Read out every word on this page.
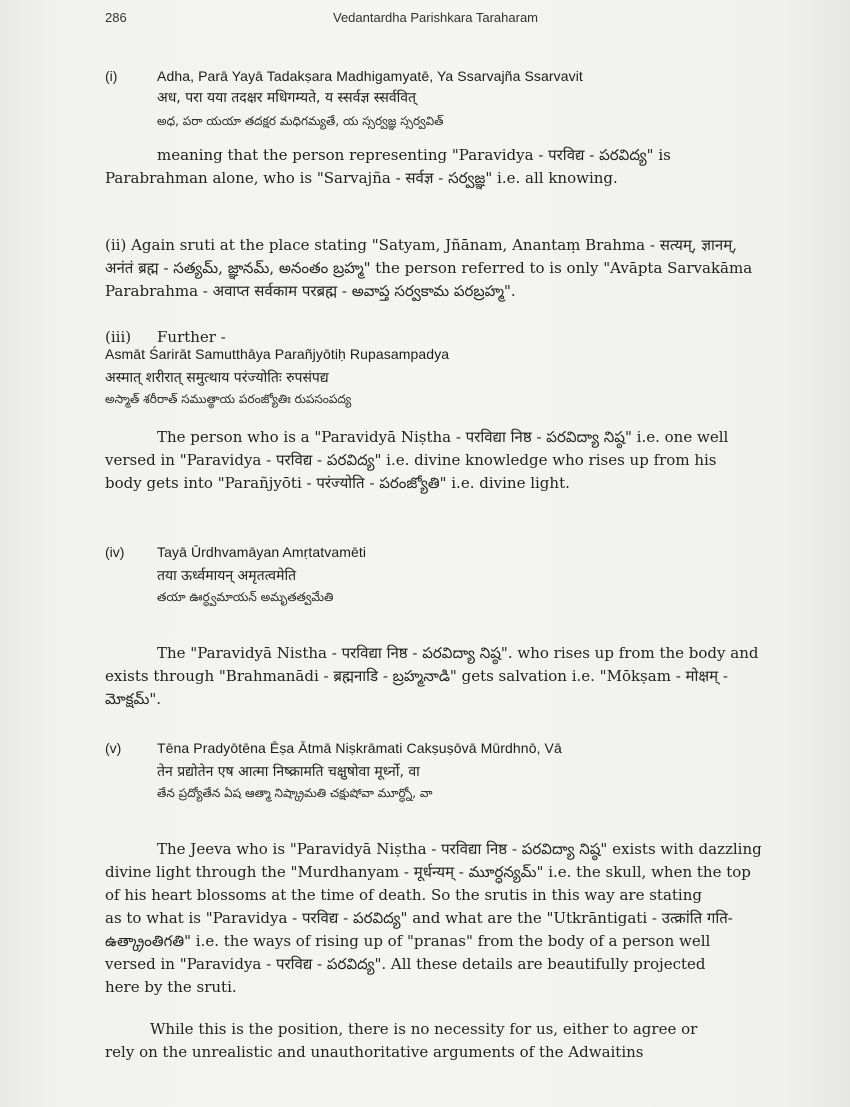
286	Vedantardha Parishkara Taraharam
(i)	Adha, Parā Yayā Tadakṣara Madhigamyatē, Ya Ssarvajña Ssarvavit
अध, परा यया तदक्षर मधिगम्यते, य स्सर्वज्ञ स्सर्ववित्
అధ, పరా యయా తదక్షర మధిగమ్యతే, య స్సర్వజ్ఞ స్సర్వవిత్
meaning that the person representing "Paravidya - परविद्य - పరవిద్య" is
Parabrahman alone, who is "Sarvajña - सर्वज्ञ - సర్వజ్ఞ" i.e. all knowing.
(ii) Again sruti at the place stating "Satyam, Jñānam, Anantaṃ Brahma - सत्यम्, ज्ञानम्,
अनंतं ब्रह्म - సత్యమ్, జ్ఞానమ్, అనంతం బ్రహ్మ" the person referred to is only "Avāpta Sarvakāma
Parabrahma - अवाप्त सर्वकाम परब्रह्म - అవాప్త సర్వకామ పరబ్రహ్మ".
(iii) Further -
Asmāt Śarirāt Samutthāya Parañjyōtiḥ Rupasampadya
अस्मात् शरीरात् समुत्थाय परंज्योतिः रुपसंपद्य
అస్మాత్ శరీరాత్ సముత్థాయ పరంజ్యోతిః రుపసంపద్య
The person who is a "Paravidyā Niṣtha - परविद्या निष्ठ - పరవిద్యా నిష్ఠ" i.e. one well
versed in "Paravidya - परविद्य - పరవిద్య" i.e. divine knowledge who rises up from his
body gets into "Parañjyōti - परंज्योति - పరంజ్యోతి" i.e. divine light.
(iv) Tayā Ūrdhvamāyan Amṛtatvamēti
तया ऊर्ध्वमायन् अमृतत्वमेति
తయా ఊర్ధ్వమాయన్ అమృతత్వమేతి
The "Paravidyā Nistha - परविद्या निष्ठ - పరవిద్యా నిష్ఠ". who rises up from the body and
exists through "Brahmanādi - ब्रह्मनाडि - బ్రహ్మనాడి" gets salvation i.e. "Mōkṣam - मोक्षम् -
మోక్షమ్".
(v)	Tēna Pradyōtēna Ēṣa Ātmā Niṣkrāmati Cakṣuṣōvā Mūrdhnō, Vā
तेन प्रद्योतेन एष आत्मा निष्क्रामति चक्षुषोवा मूर्ध्नो, वा
తేన ప్రద్యోతేన ఏష ఆత్మా నిష్క్రామతి చక్షుషోవా మూర్ధ్నో, వా
The Jeeva who is "Paravidyā Niṣtha - परविद्या निष्ठ - పరవిద్యా నిష్ఠ" exists with dazzling
divine light through the "Murdhanyam - मूर्धन्यम् - మూర్ధన్యమ్" i.e. the skull, when the top
of his heart blossoms at the time of death. So the srutis in this way are stating
as to what is "Paravidya - परविद्य - పరవిద్య" and what are the "Utkrāntigati - उत्क्रांति गति-
ఉత్క్రాంతిగతి" i.e. the ways of rising up of "pranas" from the body of a person well
versed in "Paravidya - परविद्य - పరవిద్య". All these details are beautifully projected
here by the sruti.
While this is the position, there is no necessity for us, either to agree or
rely on the unrealistic and unauthoritative arguments of the Adwaitins
